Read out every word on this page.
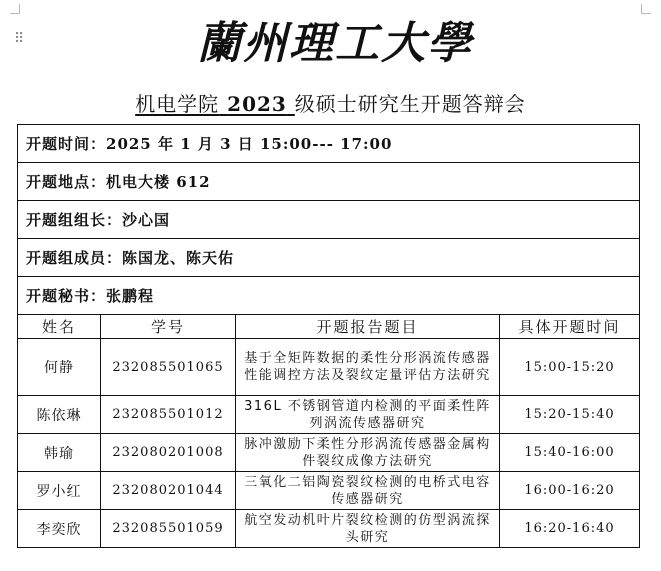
⠿	蘭州理工大學
机电学院 2023 级硕士研究生开题答辩会
开题时间：2025 年 1 月 3 日 15:00--- 17:00			
开题地点：机电大楼 612			
开题组组长：沙心国			
开题组成员：陈国龙、陈天佑			
开题秘书：张鹏程			
姓名	学号	开题报告题目	具体开题时间
何静	232085501065	基于全矩阵数据的柔性分形涡流传感器性能调控方法及裂纹定量评估方法研究	15:00-15:20
陈依琳	232085501012	316L 不锈钢管道内检测的平面柔性阵列涡流传感器研究	15:20-15:40
韩瑜	232080201008	脉冲激励下柔性分形涡流传感器金属构件裂纹成像方法研究	15:40-16:00
罗小红	232080201044	三氧化二铝陶瓷裂纹检测的电桥式电容传感器研究	16:00-16:20
李奕欣	232085501059	航空发动机叶片裂纹检测的仿型涡流探头研究	16:20-16:40
